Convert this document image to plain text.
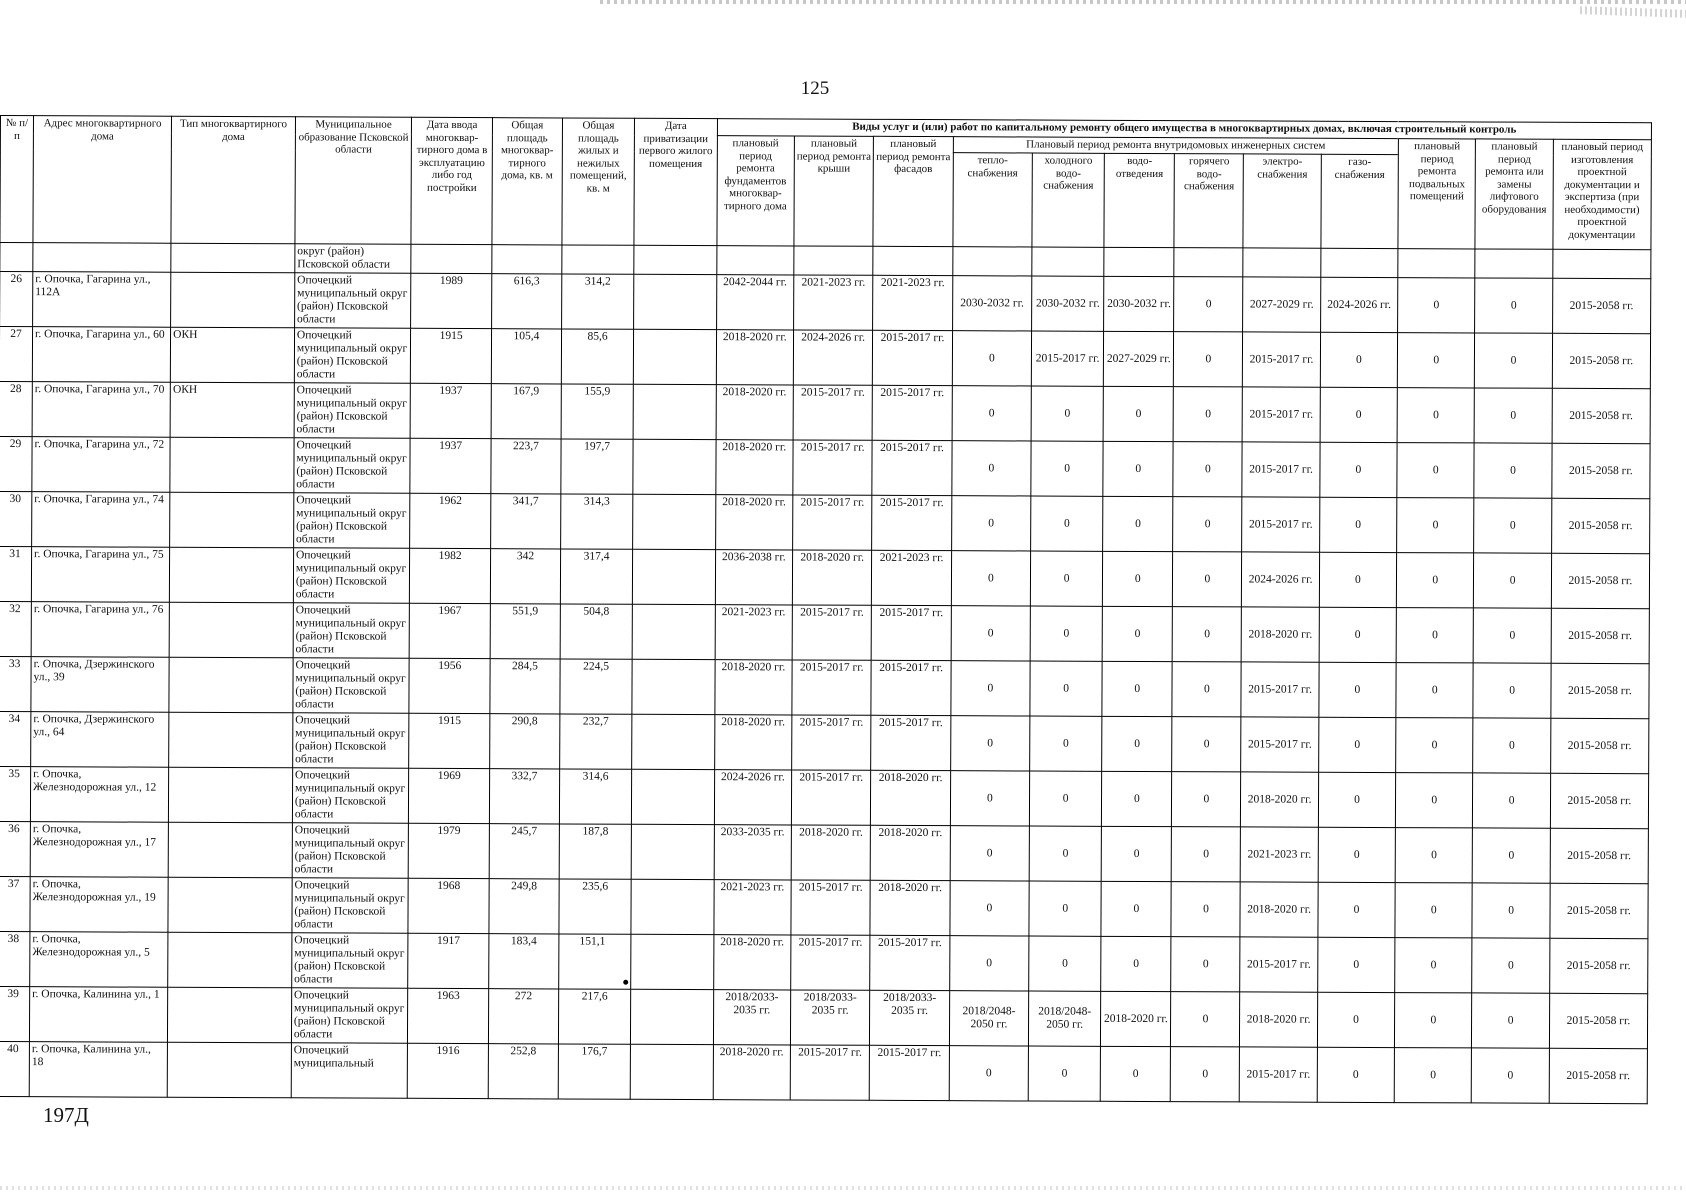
125
№ п/п	Адрес многоквартирного дома	Тип многоквартирного дома	Муниципальное образование Псковской области	Дата ввода многоквар-тирного дома в эксплуатацию либо год постройки	Общая площадь многоквар-тирного дома, кв. м	Общая площадь жилых и нежилых помещений, кв. м	Дата приватизации первого жилого помещения	Виды услуг и (или) работ по капитальному ремонту общего имущества в многоквартирных домах, включая строительный контроль											
								плановый период ремонта фундаментов многоквар-тирного дома	плановый период ремонта крыши	плановый период ремонта фасадов	Плановый период ремонта внутридомовых инженерных систем						плановый период ремонта подвальных помещений	плановый период ремонта или замены лифтового оборудования	плановый период изготовления проектной документации и экспертиза (при необходимости) проектной документации
											тепло-снабжения	холодного водо-снабжения	водо-отведения	горячего водо-снабжения	электро-снабжения	газо-снабжения			
			округ (район) Псковской области																
26	г. Опочка, Гагарина ул., 112А		Опочецкий муниципальный округ (район) Псковской области	1989	616,3	314,2		2042-2044 гг.	2021-2023 гг.	2021-2023 гг.	2030-2032 гг.	2030-2032 гг.	2030-2032 гг.	0	2027-2029 гг.	2024-2026 гг.	0	0	2015-2058 гг.
27	г. Опочка, Гагарина ул., 60	ОКН	Опочецкий муниципальный округ (район) Псковской области	1915	105,4	85,6		2018-2020 гг.	2024-2026 гг.	2015-2017 гг.	0	2015-2017 гг.	2027-2029 гг.	0	2015-2017 гг.	0	0	0	2015-2058 гг.
28	г. Опочка, Гагарина ул., 70	ОКН	Опочецкий муниципальный округ (район) Псковской области	1937	167,9	155,9		2018-2020 гг.	2015-2017 гг.	2015-2017 гг.	0	0	0	0	2015-2017 гг.	0	0	0	2015-2058 гг.
29	г. Опочка, Гагарина ул., 72		Опочецкий муниципальный округ (район) Псковской области	1937	223,7	197,7		2018-2020 гг.	2015-2017 гг.	2015-2017 гг.	0	0	0	0	2015-2017 гг.	0	0	0	2015-2058 гг.
30	г. Опочка, Гагарина ул., 74		Опочецкий муниципальный округ (район) Псковской области	1962	341,7	314,3		2018-2020 гг.	2015-2017 гг.	2015-2017 гг.	0	0	0	0	2015-2017 гг.	0	0	0	2015-2058 гг.
31	г. Опочка, Гагарина ул., 75		Опочецкий муниципальный округ (район) Псковской области	1982	342	317,4		2036-2038 гг.	2018-2020 гг.	2021-2023 гг.	0	0	0	0	2024-2026 гг.	0	0	0	2015-2058 гг.
32	г. Опочка, Гагарина ул., 76		Опочецкий муниципальный округ (район) Псковской области	1967	551,9	504,8		2021-2023 гг.	2015-2017 гг.	2015-2017 гг.	0	0	0	0	2018-2020 гг.	0	0	0	2015-2058 гг.
33	г. Опочка, Дзержинского ул., 39		Опочецкий муниципальный округ (район) Псковской области	1956	284,5	224,5		2018-2020 гг.	2015-2017 гг.	2015-2017 гг.	0	0	0	0	2015-2017 гг.	0	0	0	2015-2058 гг.
34	г. Опочка, Дзержинского ул., 64		Опочецкий муниципальный округ (район) Псковской области	1915	290,8	232,7		2018-2020 гг.	2015-2017 гг.	2015-2017 гг.	0	0	0	0	2015-2017 гг.	0	0	0	2015-2058 гг.
35	г. Опочка, Железнодорожная ул., 12		Опочецкий муниципальный округ (район) Псковской области	1969	332,7	314,6		2024-2026 гг.	2015-2017 гг.	2018-2020 гг.	0	0	0	0	2018-2020 гг.	0	0	0	2015-2058 гг.
36	г. Опочка, Железнодорожная ул., 17		Опочецкий муниципальный округ (район) Псковской области	1979	245,7	187,8		2033-2035 гг.	2018-2020 гг.	2018-2020 гг.	0	0	0	0	2021-2023 гг.	0	0	0	2015-2058 гг.
37	г. Опочка, Железнодорожная ул., 19		Опочецкий муниципальный округ (район) Псковской области	1968	249,8	235,6		2021-2023 гг.	2015-2017 гг.	2018-2020 гг.	0	0	0	0	2018-2020 гг.	0	0	0	2015-2058 гг.
38	г. Опочка, Железнодорожная ул., 5		Опочецкий муниципальный округ (район) Псковской области	1917	183,4	151,1		2018-2020 гг.	2015-2017 гг.	2015-2017 гг.	0	0	0	0	2015-2017 гг.	0	0	0	2015-2058 гг.
39	г. Опочка, Калинина ул., 1		Опочецкий муниципальный округ (район) Псковской области	1963	272	217,6		2018/2033-2035 гг.	2018/2033-2035 гг.	2018/2033-2035 гг.	2018/2048-2050 гг.	2018/2048-2050 гг.	2018-2020 гг.	0	2018-2020 гг.	0	0	0	2015-2058 гг.
40	г. Опочка, Калинина ул., 18		Опочецкий муниципальный	1916	252,8	176,7		2018-2020 гг.	2015-2017 гг.	2015-2017 гг.	0	0	0	0	2015-2017 гг.	0	0	0	2015-2058 гг.
197Д
